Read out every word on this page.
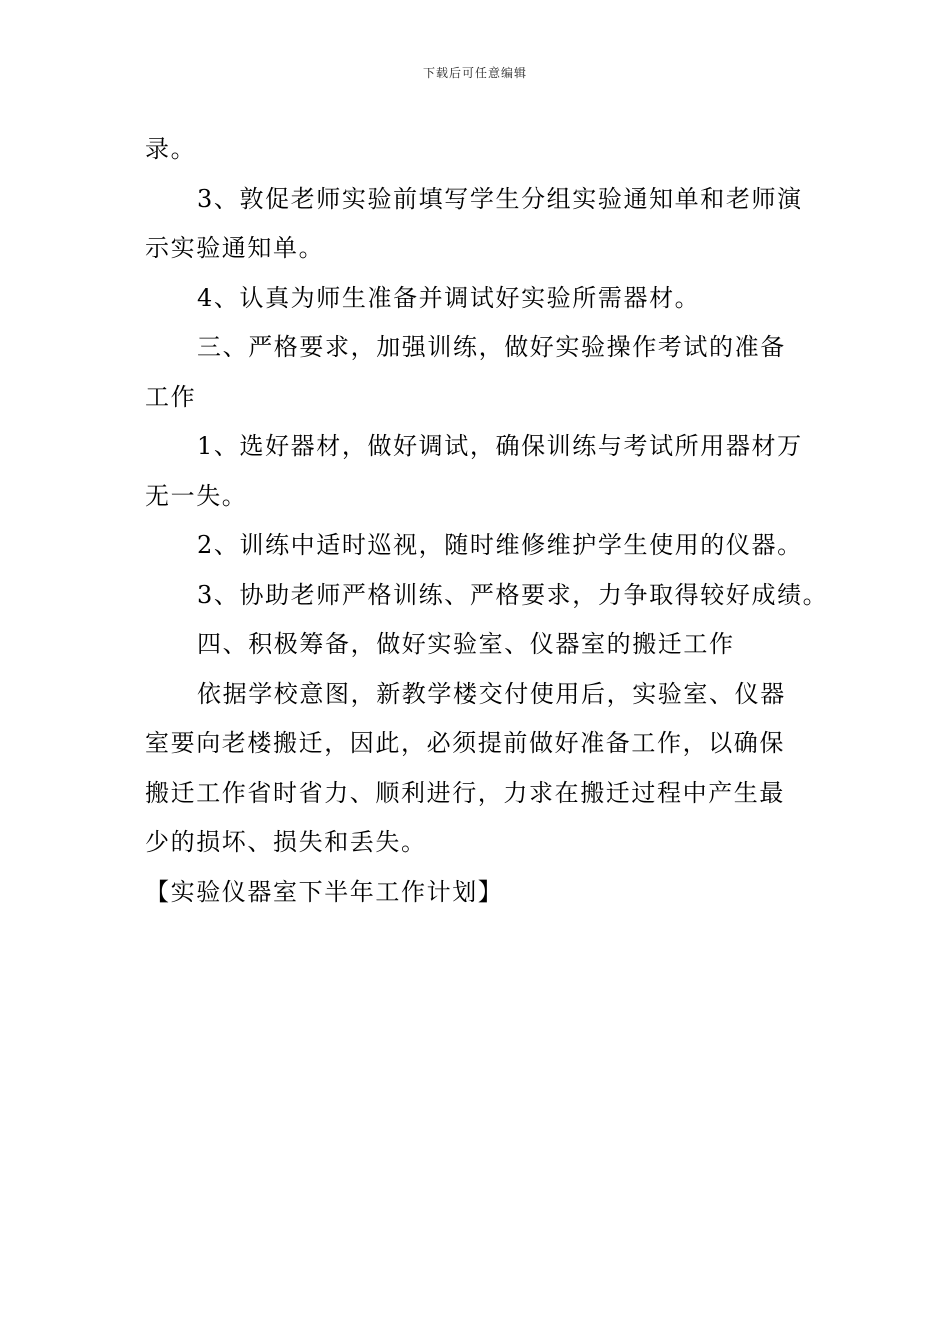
下载后可任意编辑

录。

3、敦促老师实验前填写学生分组实验通知单和老师演

示实验通知单。

4、认真为师生准备并调试好实验所需器材。

三、严格要求，加强训练，做好实验操作考试的准备

工作

1、选好器材，做好调试，确保训练与考试所用器材万

无一失。

2、训练中适时巡视，随时维修维护学生使用的仪器。

3、协助老师严格训练、严格要求，力争取得较好成绩。

四、积极筹备，做好实验室、仪器室的搬迁工作

依据学校意图，新教学楼交付使用后，实验室、仪器

室要向老楼搬迁，因此，必须提前做好准备工作，以确保

搬迁工作省时省力、顺利进行，力求在搬迁过程中产生最

少的损坏、损失和丢失。

【实验仪器室下半年工作计划】
